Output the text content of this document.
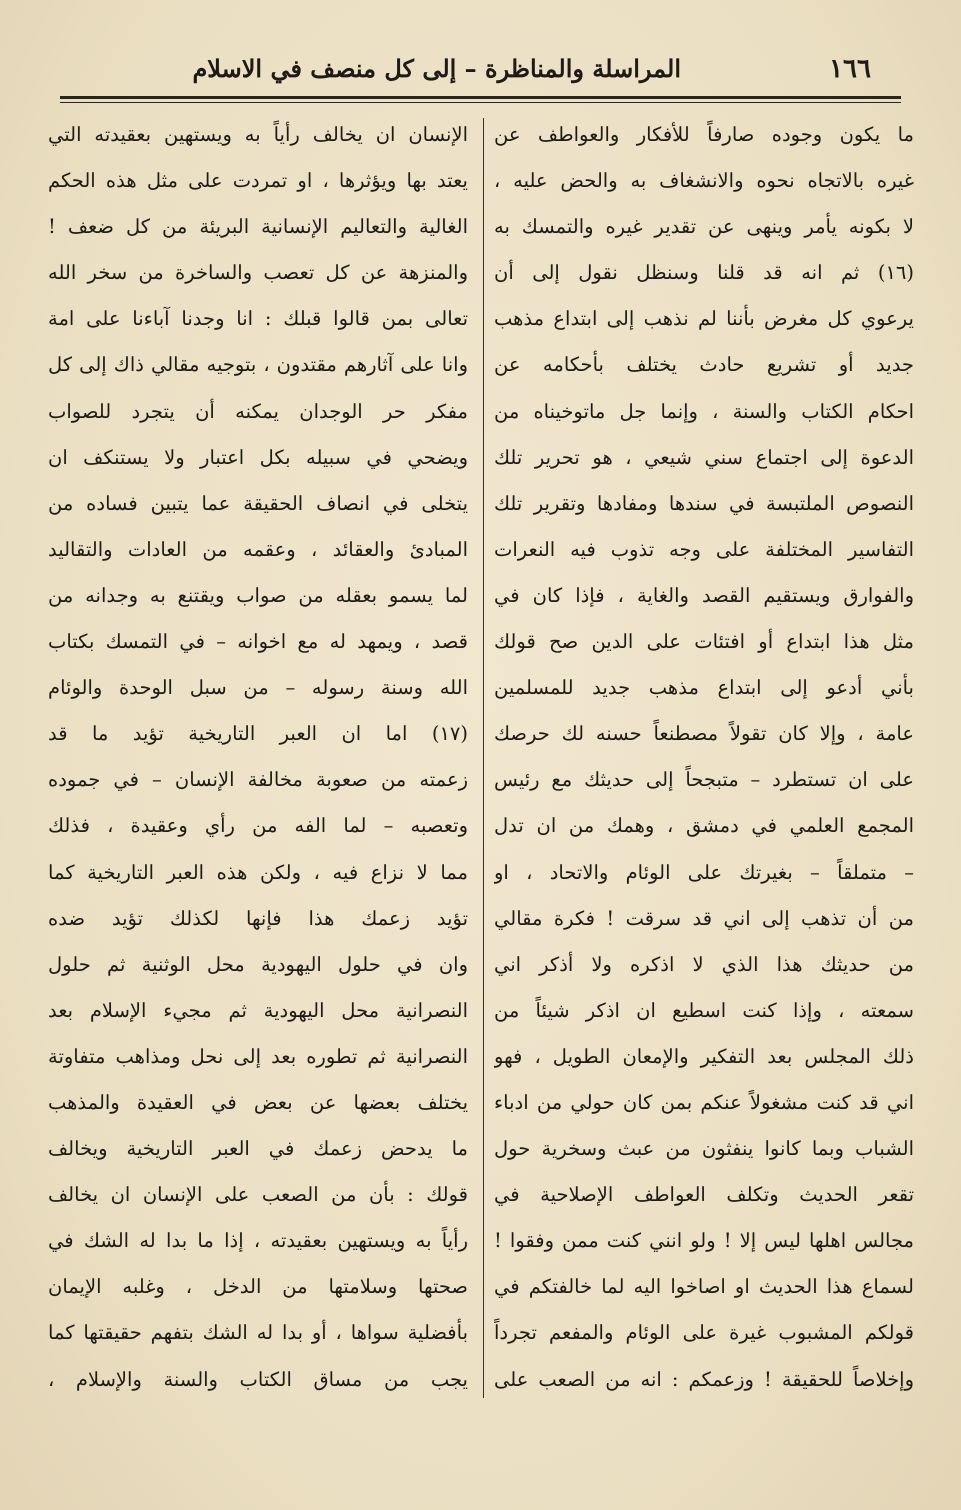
١٦٦
المراسلة والمناظرة – إلى كل منصف في الاسلام
ما يكون وجوده صارفاً للأفكار والعواطف عن
غيره بالاتجاه نحوه والانشغاف به والحض عليه ،
لا بكونه يأمر وينهى عن تقدير غيره والتمسك به
(١٦) ثم انه قد قلنا وسنظل نقول إلى أن
يرعوي كل مغرض بأننا لم نذهب إلى ابتداع مذهب
جديد أو تشريع حادث يختلف بأحكامه عن
احكام الكتاب والسنة ، وإنما جل ماتوخيناه من
الدعوة إلى اجتماع سني شيعي ، هو تحرير تلك
النصوص الملتبسة في سندها ومفادها وتقرير تلك
التفاسير المختلفة على وجه تذوب فيه النعرات
والفوارق ويستقيم القصد والغاية ، فإذا كان في
مثل هذا ابتداع أو افتئات على الدين صح قولك
بأني أدعو إلى ابتداع مذهب جديد للمسلمين
عامة ، وإلا كان تقولاً مصطنعاً حسنه لك حرصك
على ان تستطرد – متبجحاً إلى حديثك مع رئيس
المجمع العلمي في دمشق ، وهمك من ان تدل
– متملقاً – بغيرتك على الوئام والاتحاد ، او
من أن تذهب إلى اني قد سرقت ! فكرة مقالي
من حديثك هذا الذي لا اذكره ولا أذكر اني
سمعته ، وإذا كنت اسطيع ان اذكر شيئاً من
ذلك المجلس بعد التفكير والإمعان الطويل ، فهو
اني قد كنت مشغولاً عنكم بمن كان حولي من ادباء
الشباب وبما كانوا ينفثون من عبث وسخرية حول
تقعر الحديث وتكلف العواطف الإصلاحية في
مجالس اهلها ليس إلا ! ولو انني كنت ممن وفقوا !
لسماع هذا الحديث او اصاخوا اليه لما خالفتكم في
قولكم المشبوب غيرة على الوئام والمفعم تجرداً
وإخلاصاً للحقيقة ! وزعمكم : انه من الصعب على
الإنسان ان يخالف رأياً به ويستهين بعقيدته التي
يعتد بها ويؤثرها ، او تمردت على مثل هذه الحكم
الغالية والتعاليم الإنسانية البريئة من كل ضعف !
والمنزهة عن كل تعصب والساخرة من سخر الله
تعالى بمن قالوا قبلك : انا وجدنا آباءنا على امة
وانا على آثارهم مقتدون ، بتوجيه مقالي ذاك إلى كل
مفكر حر الوجدان يمكنه أن يتجرد للصواب
ويضحي في سبيله بكل اعتبار ولا يستنكف ان
يتخلى في انصاف الحقيقة عما يتبين فساده من
المبادئ والعقائد ، وعقمه من العادات والتقاليد
لما يسمو بعقله من صواب ويقتنع به وجدانه من
قصد ، ويمهد له مع اخوانه – في التمسك بكتاب
الله وسنة رسوله – من سبل الوحدة والوئام
(١٧) اما ان العبر التاريخية تؤيد ما قد
زعمته من صعوبة مخالفة الإنسان – في جموده
وتعصبه – لما الفه من رأي وعقيدة ، فذلك
مما لا نزاع فيه ، ولكن هذه العبر التاريخية كما
تؤيد زعمك هذا فإنها لكذلك تؤيد ضده
وان في حلول اليهودية محل الوثنية ثم حلول
النصرانية محل اليهودية ثم مجيء الإسلام بعد
النصرانية ثم تطوره بعد إلى نحل ومذاهب متفاوتة
يختلف بعضها عن بعض في العقيدة والمذهب
ما يدحض زعمك في العبر التاريخية ويخالف
قولك : بأن من الصعب على الإنسان ان يخالف
رأياً به ويستهين بعقيدته ، إذا ما بدا له الشك في
صحتها وسلامتها من الدخل ، وغلبه الإيمان
بأفضلية سواها ، أو بدا له الشك بتفهم حقيقتها كما
يجب من مساق الكتاب والسنة والإسلام ،
